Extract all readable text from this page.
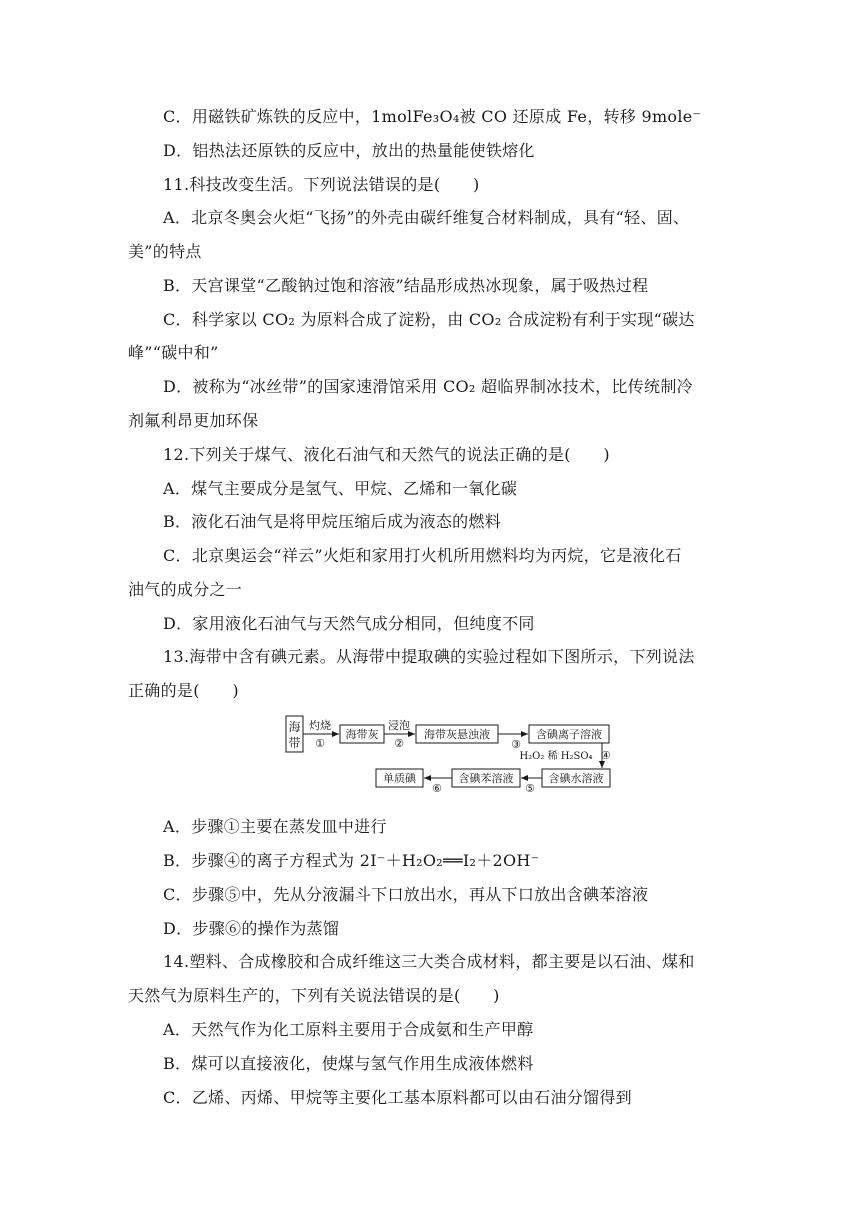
C．用磁铁矿炼铁的反应中，1molFe₃O₄被 CO 还原成 Fe，转移 9mole⁻
D．铝热法还原铁的反应中，放出的热量能使铁熔化
11.科技改变生活。下列说法错误的是(　　)
A．北京冬奥会火炬“飞扬”的外壳由碳纤维复合材料制成，具有“轻、固、
美”的特点
B．天宫课堂“乙酸钠过饱和溶液”结晶形成热冰现象，属于吸热过程
C．科学家以 CO₂ 为原料合成了淀粉，由 CO₂ 合成淀粉有利于实现“碳达
峰”“碳中和”
D．被称为“冰丝带”的国家速滑馆采用 CO₂ 超临界制冰技术，比传统制冷
剂氟利昂更加环保
12.下列关于煤气、液化石油气和天然气的说法正确的是(　　)
A．煤气主要成分是氢气、甲烷、乙烯和一氧化碳
B．液化石油气是将甲烷压缩后成为液态的燃料
C．北京奥运会“祥云”火炬和家用打火机所用燃料均为丙烷，它是液化石
油气的成分之一
D．家用液化石油气与天然气成分相同，但纯度不同
13.海带中含有碘元素。从海带中提取碘的实验过程如下图所示，下列说法
正确的是(　　)
海
带
灼烧
①
海带灰
浸泡
②
海带灰悬浊液
③
含碘离子溶液
H₂O₂ 稀 H₂SO₄ ④
含碘水溶液
⑤
含碘苯溶液
⑥
单质碘
A．步骤①主要在蒸发皿中进行
B．步骤④的离子方程式为 2I⁻＋H₂O₂══I₂＋2OH⁻
C．步骤⑤中，先从分液漏斗下口放出水，再从下口放出含碘苯溶液
D．步骤⑥的操作为蒸馏
14.塑料、合成橡胶和合成纤维这三大类合成材料，都主要是以石油、煤和
天然气为原料生产的，下列有关说法错误的是(　　)
A．天然气作为化工原料主要用于合成氨和生产甲醇
B．煤可以直接液化，使煤与氢气作用生成液体燃料
C．乙烯、丙烯、甲烷等主要化工基本原料都可以由石油分馏得到
